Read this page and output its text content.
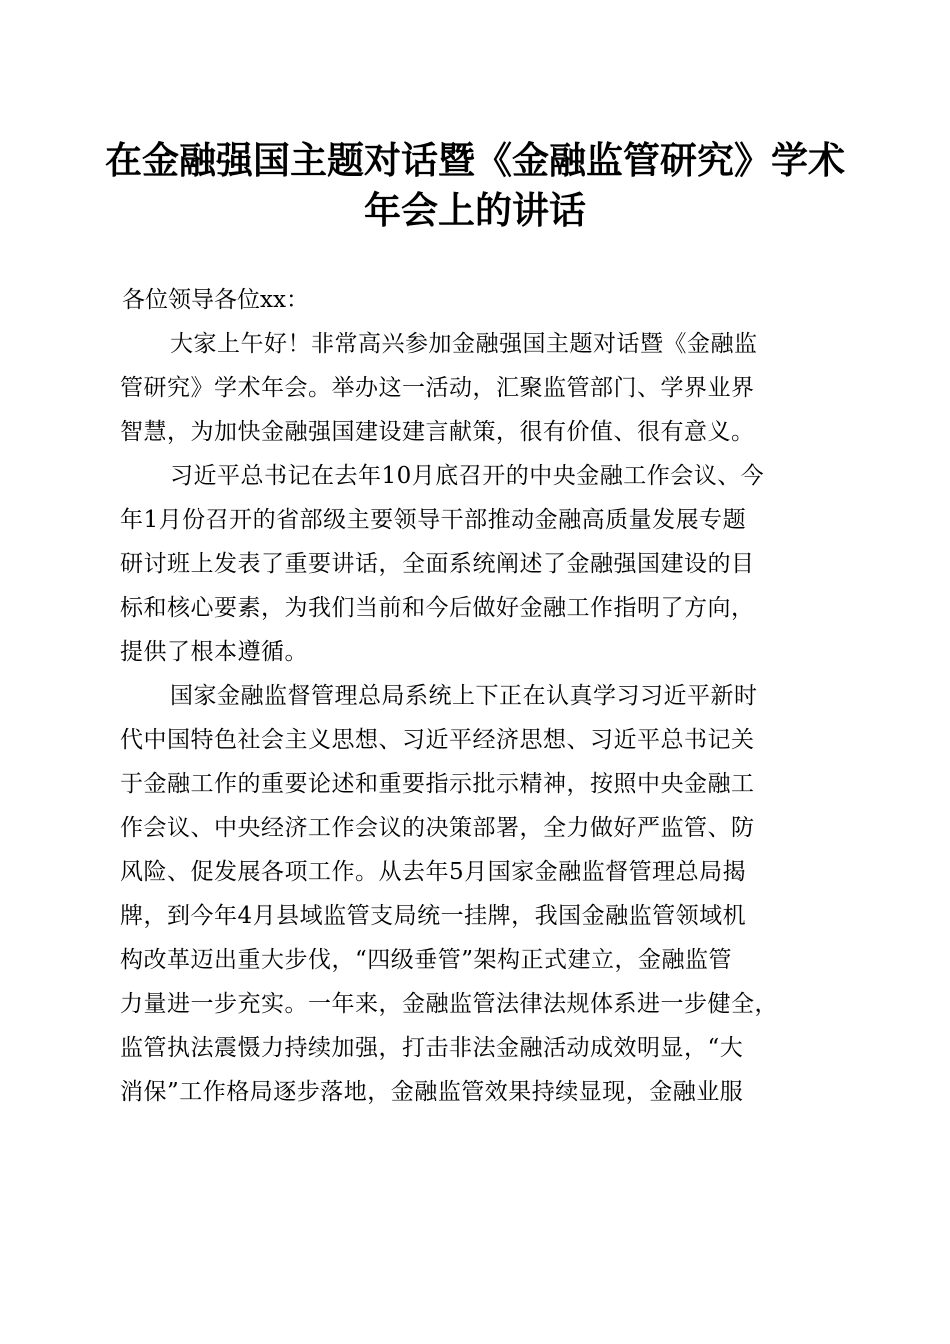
在金融强国主题对话暨《金融监管研究》学术
年会上的讲话

各位领导各位xx：

大家上午好！非常高兴参加金融强国主题对话暨《金融监
管研究》学术年会。举办这一活动，汇聚监管部门、学界业界
智慧，为加快金融强国建设建言献策，很有价值、很有意义。
习近平总书记在去年10月底召开的中央金融工作会议、今
年1月份召开的省部级主要领导干部推动金融高质量发展专题
研讨班上发表了重要讲话，全面系统阐述了金融强国建设的目
标和核心要素，为我们当前和今后做好金融工作指明了方向，
提供了根本遵循。
国家金融监督管理总局系统上下正在认真学习习近平新时
代中国特色社会主义思想、习近平经济思想、习近平总书记关
于金融工作的重要论述和重要指示批示精神，按照中央金融工
作会议、中央经济工作会议的决策部署，全力做好严监管、防
风险、促发展各项工作。从去年5月国家金融监督管理总局揭
牌，到今年4月县域监管支局统一挂牌，我国金融监管领域机
构改革迈出重大步伐，“四级垂管”架构正式建立，金融监管
力量进一步充实。一年来，金融监管法律法规体系进一步健全，
监管执法震慑力持续加强，打击非法金融活动成效明显，“大
消保”工作格局逐步落地，金融监管效果持续显现，金融业服
